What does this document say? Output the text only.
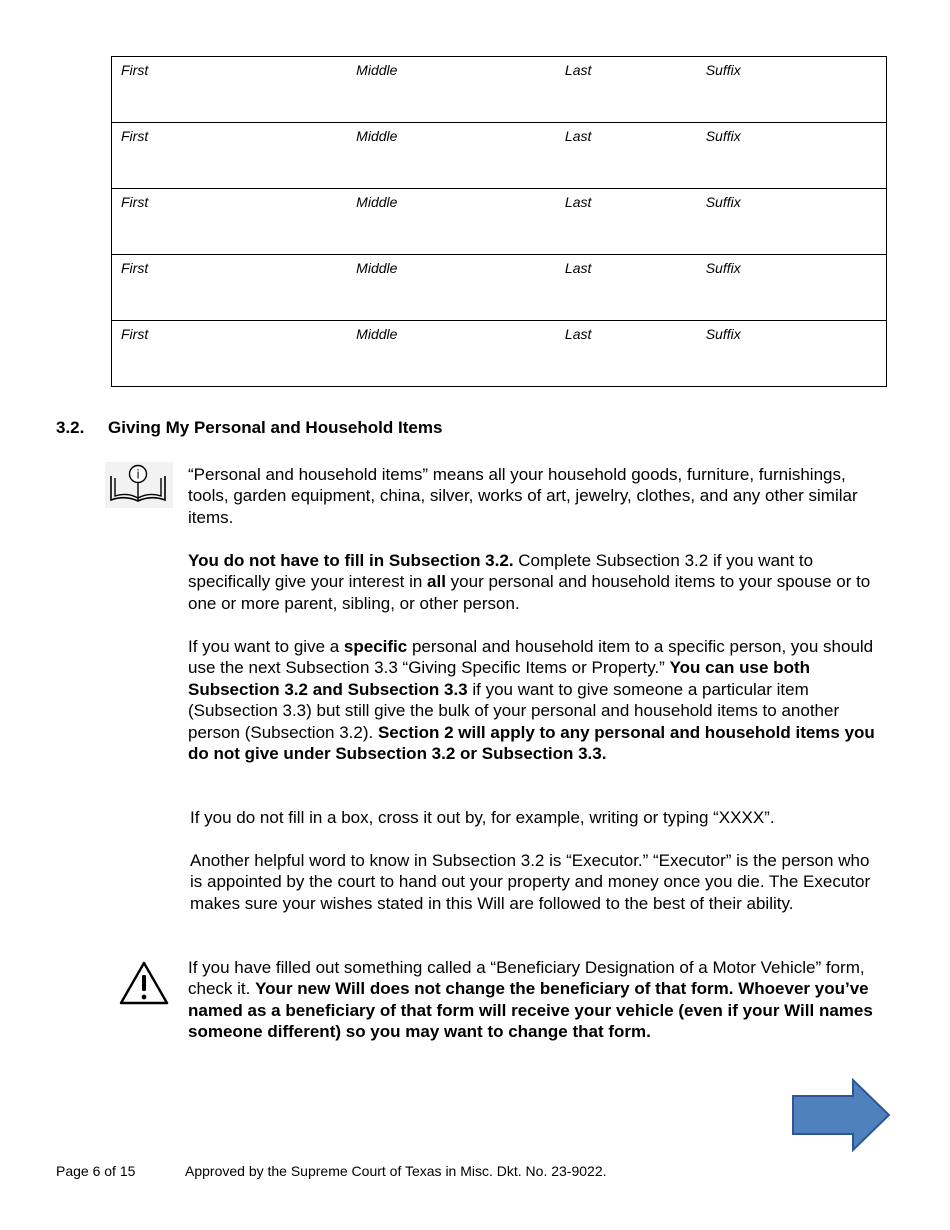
First	Middle	Last	Suffix
First	Middle	Last	Suffix
First	Middle	Last	Suffix
First	Middle	Last	Suffix
First	Middle	Last	Suffix
3.2. Giving My Personal and Household Items
i	“Personal and household items” means all your household goods, furniture, furnishings, tools, garden equipment, china, silver, works of art, jewelry, clothes, and any other similar items.
You do not have to fill in Subsection 3.2. Complete Subsection 3.2 if you want to specifically give your interest in all your personal and household items to your spouse or to one or more parent, sibling, or other person.
If you want to give a specific personal and household item to a specific person, you should use the next Subsection 3.3 “Giving Specific Items or Property.” You can use both Subsection 3.2 and Subsection 3.3 if you want to give someone a particular item (Subsection 3.3) but still give the bulk of your personal and household items to another person (Subsection 3.2). Section 2 will apply to any personal and household items you do not give under Subsection 3.2 or Subsection 3.3.
If you do not fill in a box, cross it out by, for example, writing or typing “XXXX”.
Another helpful word to know in Subsection 3.2 is “Executor.” “Executor” is the person who is appointed by the court to hand out your property and money once you die. The Executor makes sure your wishes stated in this Will are followed to the best of their ability.
If you have filled out something called a “Beneficiary Designation of a Motor Vehicle” form, check it. Your new Will does not change the beneficiary of that form. Whoever you’ve named as a beneficiary of that form will receive your vehicle (even if your Will names someone different) so you may want to change that form.
Page 6 of 15	Approved by the Supreme Court of Texas in Misc. Dkt. No. 23-9022.
